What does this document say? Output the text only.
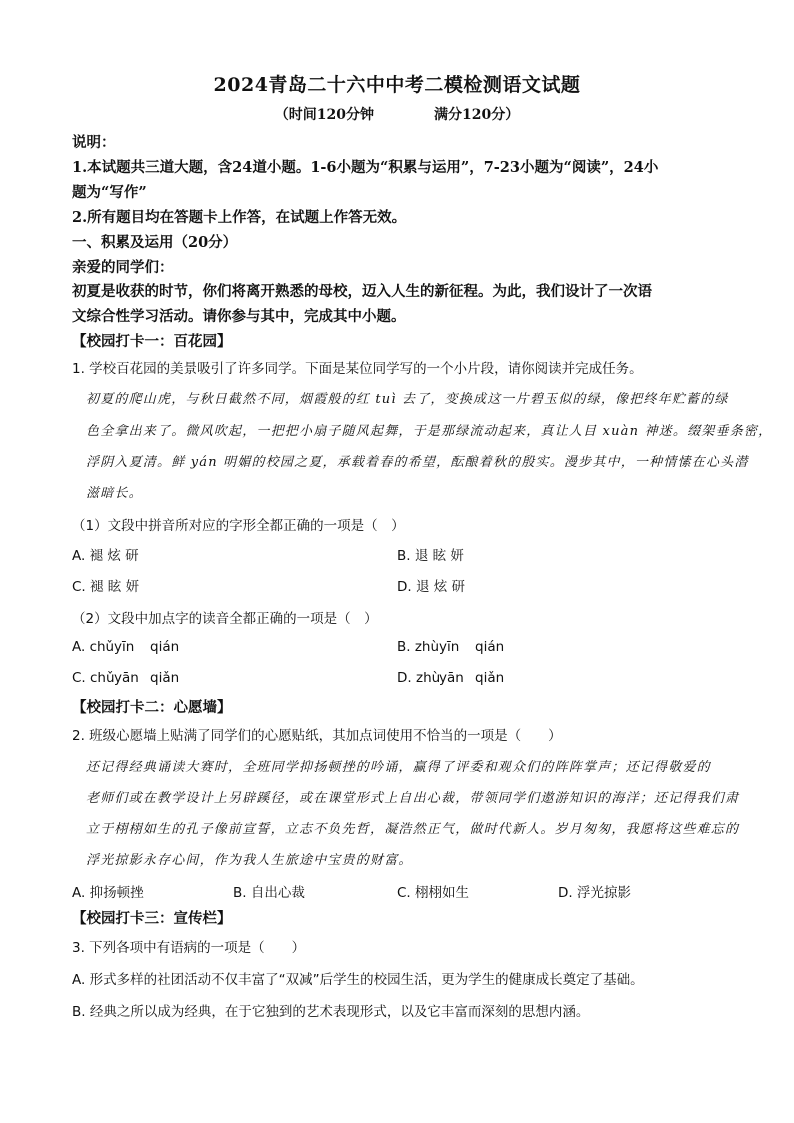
2024青岛二十六中中考二模检测语文试题
（时间120分钟	满分120分）
说明：
1.本试题共三道大题，含24道小题。1-6小题为“积累与运用”，7-23小题为“阅读”，24小
题为“写作”
2.所有题目均在答题卡上作答，在试题上作答无效。
一、积累及运用（20分）
亲爱的同学们：
初夏是收获的时节，你们将离开熟悉的母校，迈入人生的新征程。为此，我们设计了一次语
文综合性学习活动。请你参与其中，完成其中小题。
【校园打卡一：百花园】
1. 学校百花园的美景吸引了许多同学。下面是某位同学写的一个小片段，请你阅读并完成任务。
初夏的爬山虎，与秋日截然不同，烟霞般的红 tuì 去了，变换成这一片碧玉似的绿，像把终年贮蓄的绿
色全拿出来了。微风吹起，一把把小扇子随风起舞，于是那绿流动起来，真让人目 xuàn 神迷。缀架垂条密，
浮阴入夏清。鲜 yán 明媚的校园之夏，承载着春的希望，酝酿着秋的殷实。漫步其中，一种情愫在心头潜
滋暗长。
（1）文段中拼音所对应的字形全都正确的一项是（　）
A. 褪 炫 研	B. 退 眩 妍
C. 褪 眩 妍	D. 退 炫 研
（2）文段中加点字的读音全都正确的一项是（　）
A. chǔyīn qián	B. zhùyīn qián
C. chǔyān qiǎn	D. zhùyān qiǎn
【校园打卡二：心愿墙】
2. 班级心愿墙上贴满了同学们的心愿贴纸，其加点词使用不恰当的一项是（　　）
还记得经典诵读大赛时，全班同学抑扬顿挫的吟诵，赢得了评委和观众们的阵阵掌声；还记得敬爱的
老师们或在教学设计上另辟蹊径，或在课堂形式上自出心裁，带领同学们遨游知识的海洋；还记得我们肃
立于栩栩如生的孔子像前宣誓，立志不负先哲，凝浩然正气，做时代新人。岁月匆匆，我愿将这些难忘的
浮光掠影永存心间，作为我人生旅途中宝贵的财富。
A. 抑扬顿挫	B. 自出心裁	C. 栩栩如生	D. 浮光掠影
【校园打卡三：宣传栏】
3. 下列各项中有语病的一项是（　　）
A. 形式多样的社团活动不仅丰富了“双减”后学生的校园生活，更为学生的健康成长奠定了基础。
B. 经典之所以成为经典，在于它独到的艺术表现形式，以及它丰富而深刻的思想内涵。
